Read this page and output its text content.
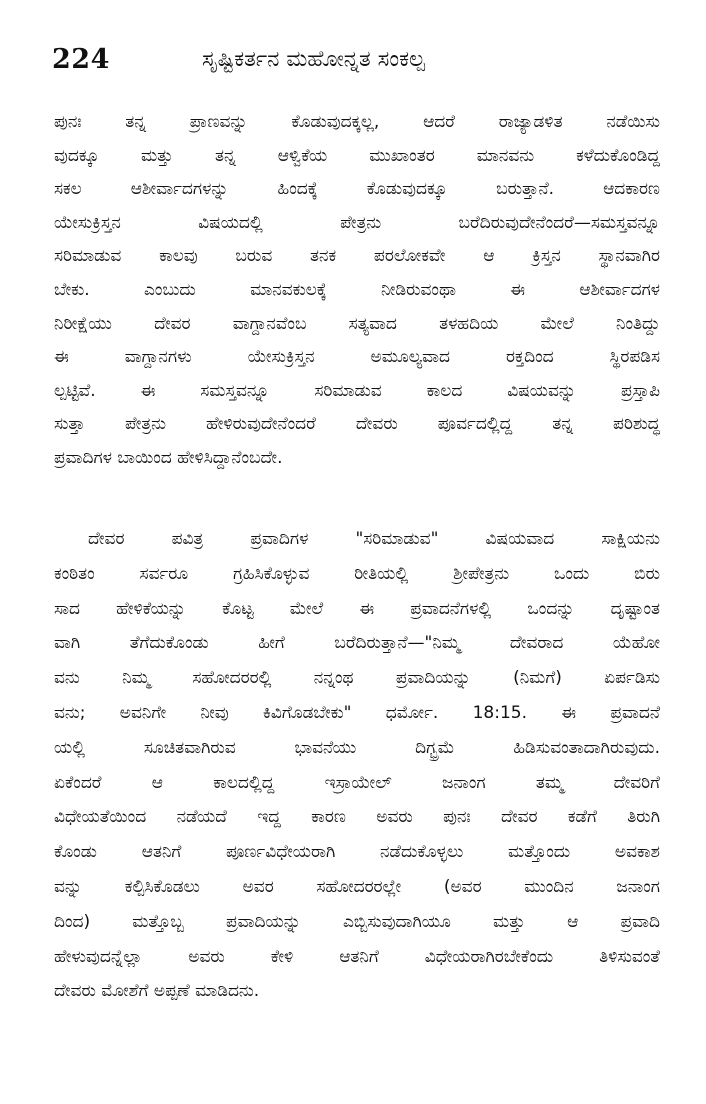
224	ಸೃಷ್ಟಿಕರ್ತನ ಮಹೋನ್ನತ ಸಂಕಲ್ಪ
ಪುನಃ ತನ್ನ ಪ್ರಾಣವನ್ನು ಕೊಡುವುದಕ್ಕಲ್ಲ, ಆದರೆ ರಾಜ್ಯಾಡಳಿತ ನಡೆಯಿಸು
ವುದಕ್ಕೂ ಮತ್ತು ತನ್ನ ಆಳ್ವಿಕೆಯ ಮುಖಾಂತರ ಮಾನವನು ಕಳೆದುಕೊಂಡಿದ್ದ
ಸಕಲ ಆಶೀರ್ವಾದಗಳನ್ನು ಹಿಂದಕ್ಕೆ ಕೊಡುವುದಕ್ಕೂ ಬರುತ್ತಾನೆ. ಆದಕಾರಣ
ಯೇಸುಕ್ರಿಸ್ತನ ವಿಷಯದಲ್ಲಿ ಪೇತ್ರನು ಬರೆದಿರುವುದೇನೆಂದರೆ—ಸಮಸ್ತವನ್ನೂ
ಸರಿಮಾಡುವ ಕಾಲವು ಬರುವ ತನಕ ಪರಲೋಕವೇ ಆ ಕ್ರಿಸ್ತನ ಸ್ಥಾನವಾಗಿರ
ಬೇಕು. ಎಂಬುದು ಮಾನವಕುಲಕ್ಕೆ ನೀಡಿರುವಂಥಾ ಈ ಆಶೀರ್ವಾದಗಳ
ನಿರೀಕ್ಷೆಯು ದೇವರ ವಾಗ್ದಾನವೆಂಬ ಸತ್ಯವಾದ ತಳಹದಿಯ ಮೇಲೆ ನಿಂತಿದ್ದು
ಈ ವಾಗ್ದಾನಗಳು ಯೇಸುಕ್ರಿಸ್ತನ ಅಮೂಲ್ಯವಾದ ರಕ್ತದಿಂದ ಸ್ಥಿರಪಡಿಸ
ಲ್ಪಟ್ಟಿವೆ. ಈ ಸಮಸ್ತವನ್ನೂ ಸರಿಮಾಡುವ ಕಾಲದ ವಿಷಯವನ್ನು ಪ್ರಸ್ತಾಪಿ
ಸುತ್ತಾ ಪೇತ್ರನು ಹೇಳಿರುವುದೇನೆಂದರೆ ದೇವರು ಪೂರ್ವದಲ್ಲಿದ್ದ ತನ್ನ ಪರಿಶುದ್ಧ
ಪ್ರವಾದಿಗಳ ಬಾಯಿಂದ ಹೇಳಿಸಿದ್ದಾನೆಂಬದೇ.
ದೇವರ ಪವಿತ್ರ ಪ್ರವಾದಿಗಳ "ಸರಿಮಾಡುವ" ವಿಷಯವಾದ ಸಾಕ್ಷಿಯನು
ಕಂಠಿತಂ ಸರ್ವರೂ ಗ್ರಹಿಸಿಕೊಳ್ಳುವ ರೀತಿಯಲ್ಲಿ ಶ್ರೀಪೇತ್ರನು ಒಂದು ಬಿರು
ಸಾದ ಹೇಳಿಕೆಯನ್ನು ಕೊಟ್ಟ ಮೇಲೆ ಈ ಪ್ರವಾದನೆಗಳಲ್ಲಿ ಒಂದನ್ನು ದೃಷ್ಟಾಂತ
ವಾಗಿ ತೆಗೆದುಕೊಂಡು ಹೀಗೆ ಬರೆದಿರುತ್ತಾನೆ—"ನಿಮ್ಮ ದೇವರಾದ ಯೆಹೋ
ವನು ನಿಮ್ಮ ಸಹೋದರರಲ್ಲಿ ನನ್ನಂಥ ಪ್ರವಾದಿಯನ್ನು (ನಿಮಗೆ) ಏರ್ಪಡಿಸು
ವನು; ಅವನಿಗೇ ನೀವು ಕಿವಿಗೊಡಬೇಕು" ಧರ್ಮೋ. 18:15. ಈ ಪ್ರವಾದನೆ
ಯಲ್ಲಿ ಸೂಚಿತವಾಗಿರುವ ಭಾವನೆಯು ದಿಗ್ಭ್ರಮೆ ಹಿಡಿಸುವಂತಾದಾಗಿರುವುದು.
ಏಕೆಂದರೆ ಆ ಕಾಲದಲ್ಲಿದ್ದ ಇಸ್ರಾಯೇಲ್ ಜನಾಂಗ ತಮ್ಮ ದೇವರಿಗೆ
ವಿಧೇಯತೆಯಿಂದ ನಡೆಯದೆ ಇದ್ದ ಕಾರಣ ಅವರು ಪುನಃ ದೇವರ ಕಡೆಗೆ ತಿರುಗಿ
ಕೊಂಡು ಆತನಿಗೆ ಪೂರ್ಣವಿಧೇಯರಾಗಿ ನಡೆದುಕೊಳ್ಳಲು ಮತ್ತೊಂದು ಅವಕಾಶ
ವನ್ನು ಕಲ್ಪಿಸಿಕೊಡಲು ಅವರ ಸಹೋದರರಲ್ಲೇ (ಅವರ ಮುಂದಿನ ಜನಾಂಗ
ದಿಂದ) ಮತ್ತೊಬ್ಬ ಪ್ರವಾದಿಯನ್ನು ಎಬ್ಬಿಸುವುದಾಗಿಯೂ ಮತ್ತು ಆ ಪ್ರವಾದಿ
ಹೇಳುವುದನ್ನೆಲ್ಲಾ ಅವರು ಕೇಳಿ ಆತನಿಗೆ ವಿಧೇಯರಾಗಿರಬೇಕೆಂದು ತಿಳಿಸುವಂತೆ
ದೇವರು ಮೋಶೆಗೆ ಅಪ್ಪಣೆ ಮಾಡಿದನು.
